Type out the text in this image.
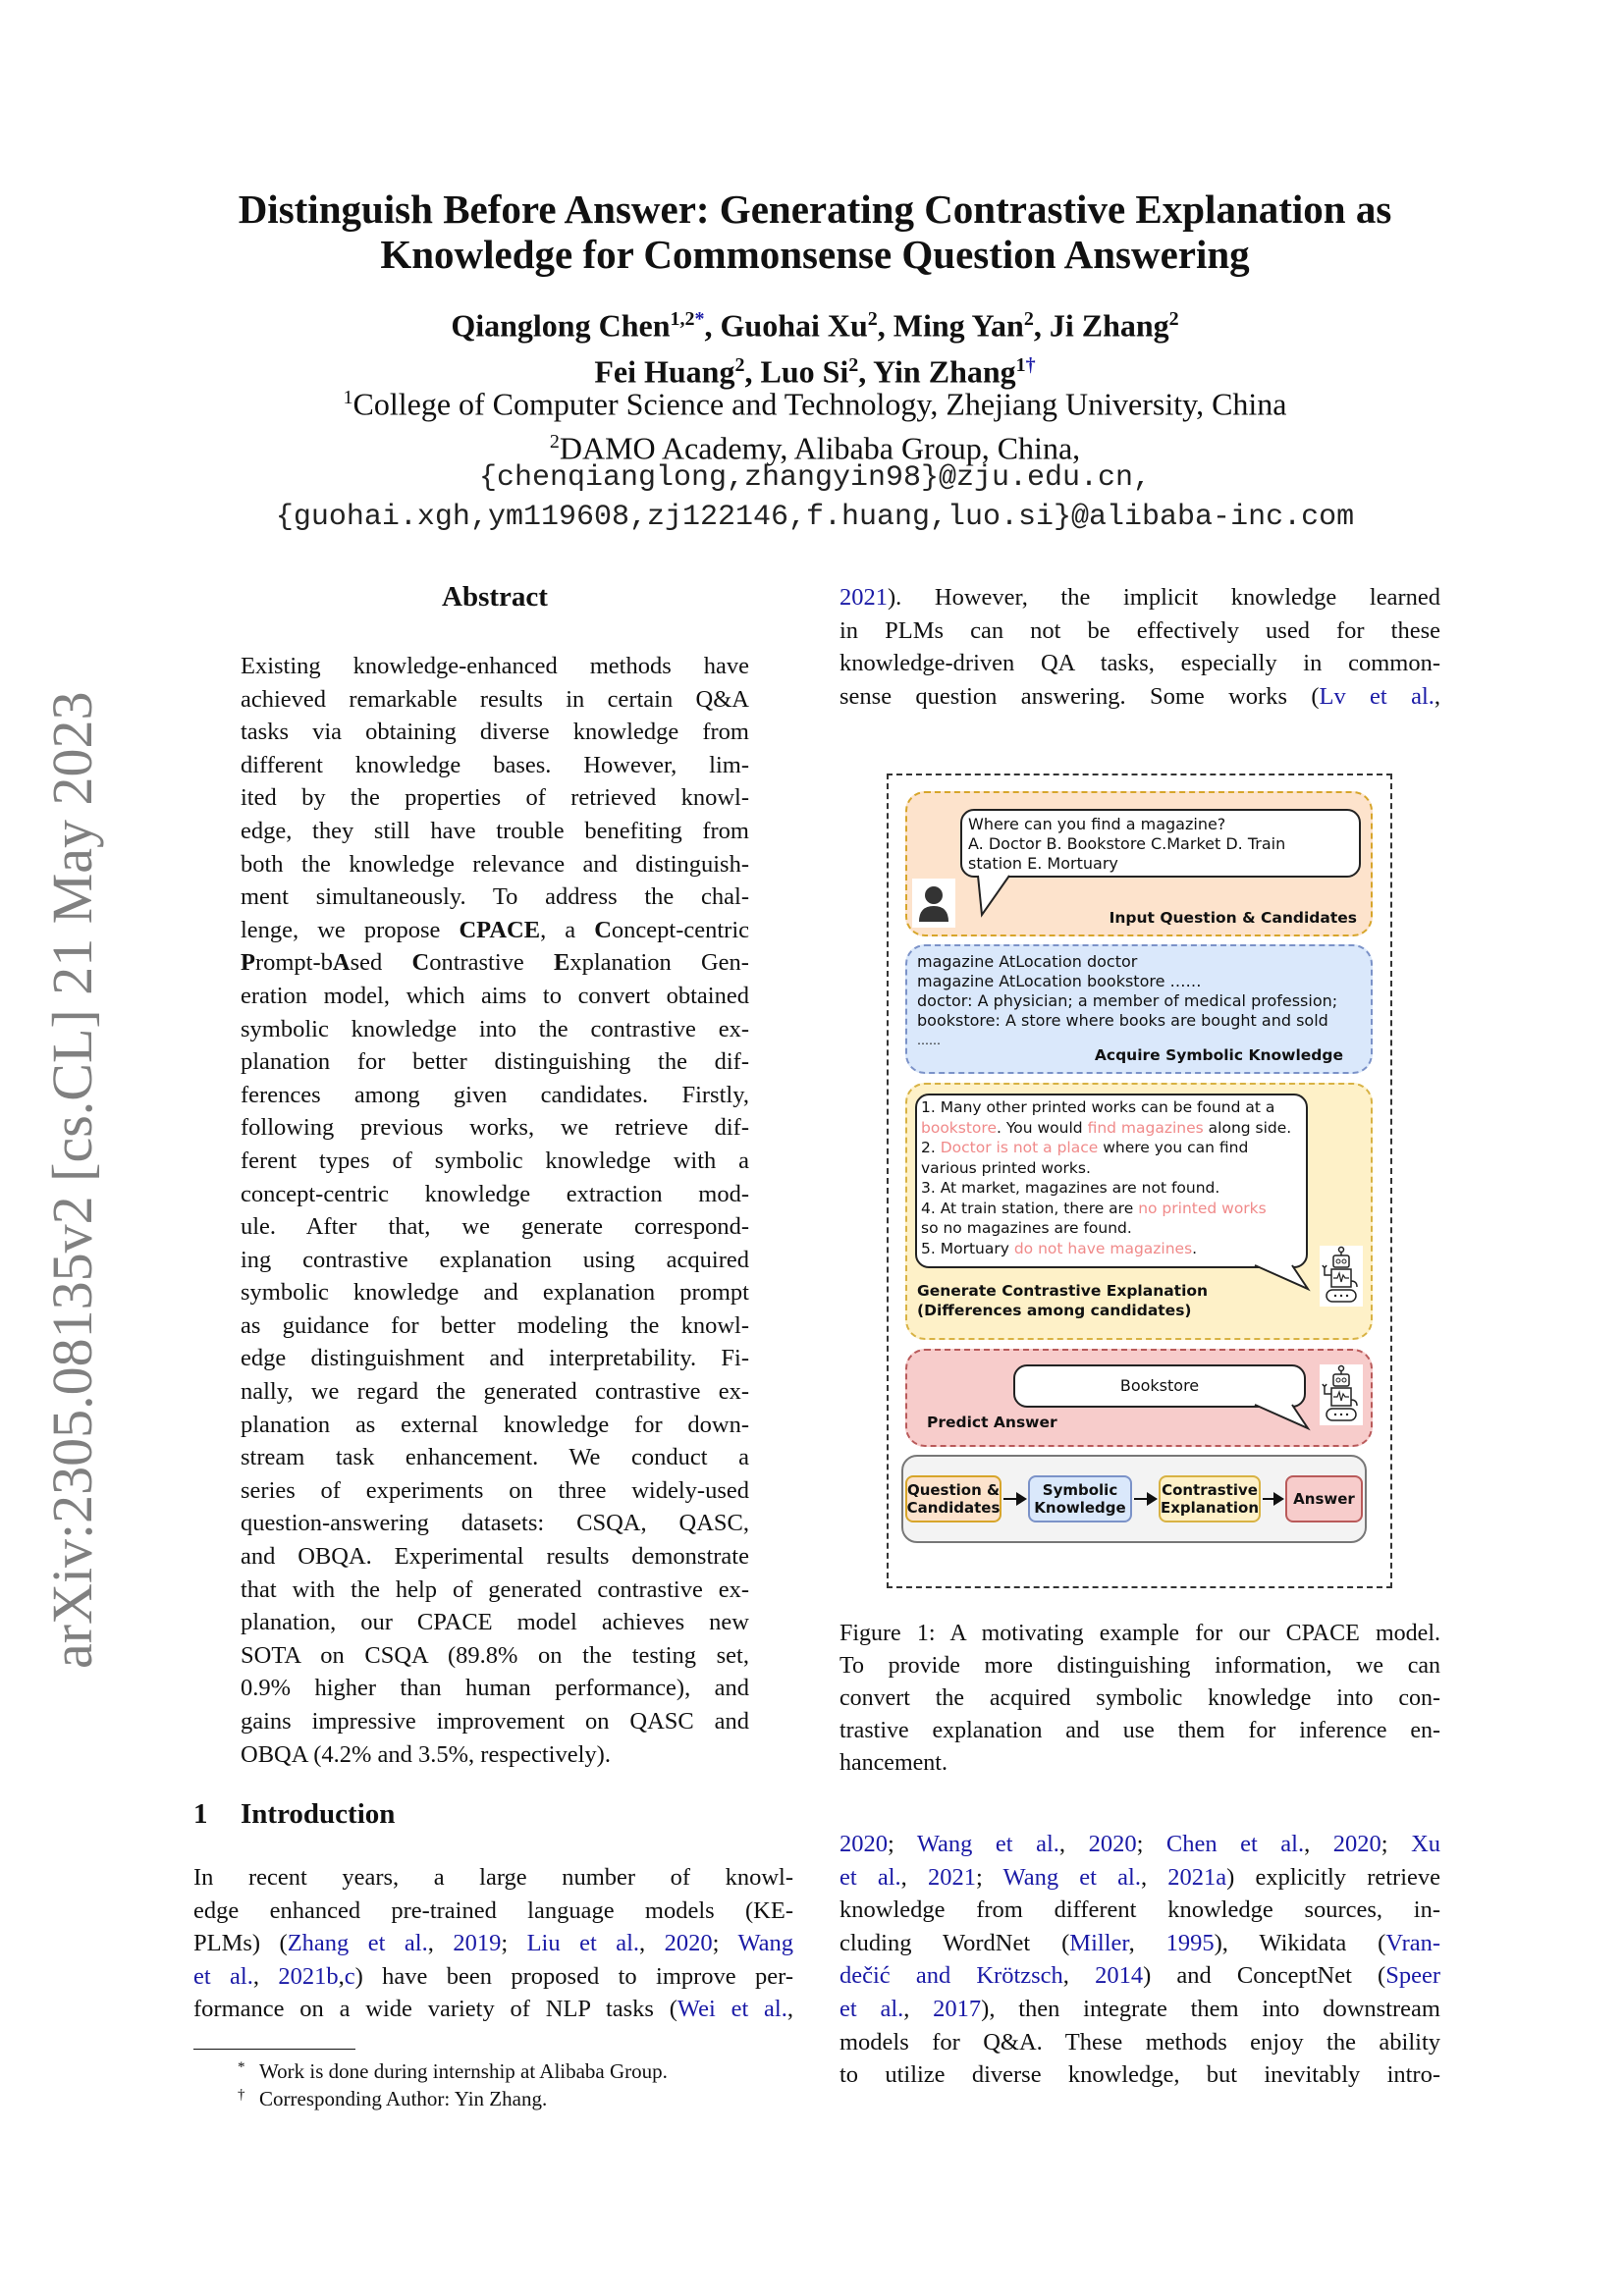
arXiv:2305.08135v2 [cs.CL] 21 May 2023
Distinguish Before Answer: Generating Contrastive Explanation as
Knowledge for Commonsense Question Answering
Qianglong Chen$^{1,2*}$, Guohai Xu$^2$, Ming Yan$^2$, Ji Zhang$^2$
Fei Huang$^2$, Luo Si$^2$, Yin Zhang$^{1\dagger}$
$^1$College of Computer Science and Technology, Zhejiang University, China
$^2$DAMO Academy, Alibaba Group, China,
{chenqianglong,zhangyin98}@zju.edu.cn,
{guohai.xgh,ym119608,zj122146,f.huang,luo.si}@alibaba-inc.com
Abstract
Existing knowledge-enhanced methods have
achieved remarkable results in certain Q&A
tasks via obtaining diverse knowledge from
different knowledge bases. However, lim-
ited by the properties of retrieved knowl-
edge, they still have trouble benefiting from
both the knowledge relevance and distinguish-
ment simultaneously. To address the chal-
lenge, we propose CPACE, a Concept-centric
Prompt-bAsed Contrastive Explanation Gen-
eration model, which aims to convert obtained
symbolic knowledge into the contrastive ex-
planation for better distinguishing the dif-
ferences among given candidates. Firstly,
following previous works, we retrieve dif-
ferent types of symbolic knowledge with a
concept-centric knowledge extraction mod-
ule. After that, we generate correspond-
ing contrastive explanation using acquired
symbolic knowledge and explanation prompt
as guidance for better modeling the knowl-
edge distinguishment and interpretability. Fi-
nally, we regard the generated contrastive ex-
planation as external knowledge for down-
stream task enhancement. We conduct a
series of experiments on three widely-used
question-answering datasets: CSQA, QASC,
and OBQA. Experimental results demonstrate
that with the help of generated contrastive ex-
planation, our CPACE model achieves new
SOTA on CSQA (89.8% on the testing set,
0.9% higher than human performance), and
gains impressive improvement on QASC and
OBQA (4.2% and 3.5%, respectively).
1 Introduction
In recent years, a large number of knowl-
edge enhanced pre-trained language models (KE-
PLMs) (Zhang et al., 2019; Liu et al., 2020; Wang
et al., 2021b,c) have been proposed to improve per-
formance on a wide variety of NLP tasks (Wei et al.,
* Work is done during internship at Alibaba Group.
† Corresponding Author: Yin Zhang.
2021). However, the implicit knowledge learned
in PLMs can not be effectively used for these
knowledge-driven QA tasks, especially in common-
sense question answering. Some works (Lv et al.,
Where can you find a magazine?
A. Doctor B. Bookstore C.Market D. Train
station E. Mortuary
Input Question & Candidates
magazine AtLocation doctor
magazine AtLocation bookstore ……
doctor: A physician; a member of medical profession;
bookstore: A store where books are bought and sold
……
Acquire Symbolic Knowledge
1. Many other printed works can be found at a
bookstore. You would find magazines along side.
2. Doctor is not a place where you can find
various printed works.
3. At market, magazines are not found.
4. At train station, there are no printed works
so no magazines are found.
5. Mortuary do not have magazines.
Generate Contrastive Explanation
(Differences among candidates)
Bookstore
Predict Answer
Question &
Candidates
Symbolic
Knowledge
Contrastive
Explanation Answer
Figure 1: A motivating example for our CPACE model.
To provide more distinguishing information, we can
convert the acquired symbolic knowledge into con-
trastive explanation and use them for inference en-
hancement.
2020; Wang et al., 2020; Chen et al., 2020; Xu
et al., 2021; Wang et al., 2021a) explicitly retrieve
knowledge from different knowledge sources, in-
cluding WordNet (Miller, 1995), Wikidata (Vran-
dečić and Krötzsch, 2014) and ConceptNet (Speer
et al., 2017), then integrate them into downstream
models for Q&A. These methods enjoy the ability
to utilize diverse knowledge, but inevitably intro-
